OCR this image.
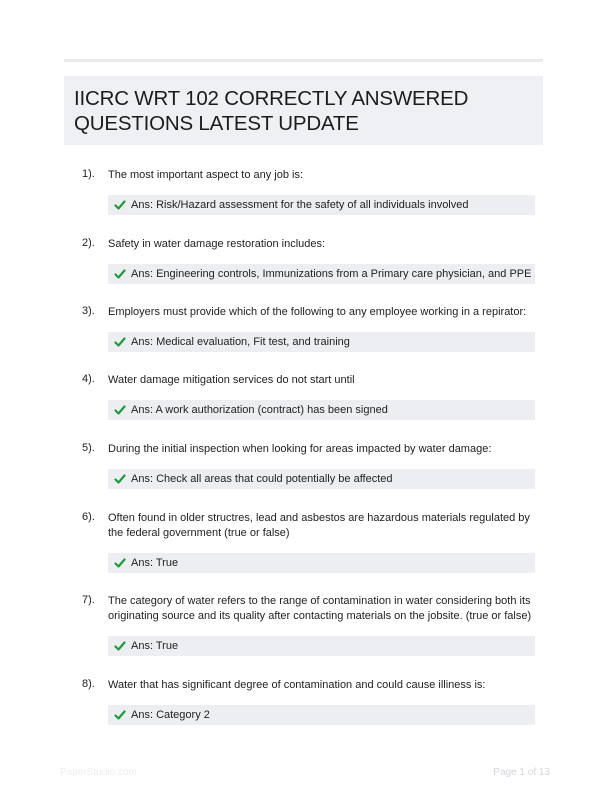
IICRC WRT 102 CORRECTLY ANSWERED QUESTIONS LATEST UPDATE
1). The most important aspect to any job is:
Ans: Risk/Hazard assessment for the safety of all individuals involved
2). Safety in water damage restoration includes:
Ans: Engineering controls, Immunizations from a Primary care physician, and PPE
3). Employers must provide which of the following to any employee working in a repirator:
Ans: Medical evaluation, Fit test, and training
4). Water damage mitigation services do not start until
Ans: A work authorization (contract) has been signed
5). During the initial inspection when looking for areas impacted by water damage:
Ans: Check all areas that could potentially be affected
6). Often found in older structres, lead and asbestos are hazardous materials regulated by the federal government (true or false)
Ans: True
7). The category of water refers to the range of contamination in water considering both its originating source and its quality after contacting materials on the jobsite. (true or false)
Ans: True
8). Water that has significant degree of contamination and could cause illiness is:
Ans: Category 2
PaperStudio.com	Page 1 of 13
